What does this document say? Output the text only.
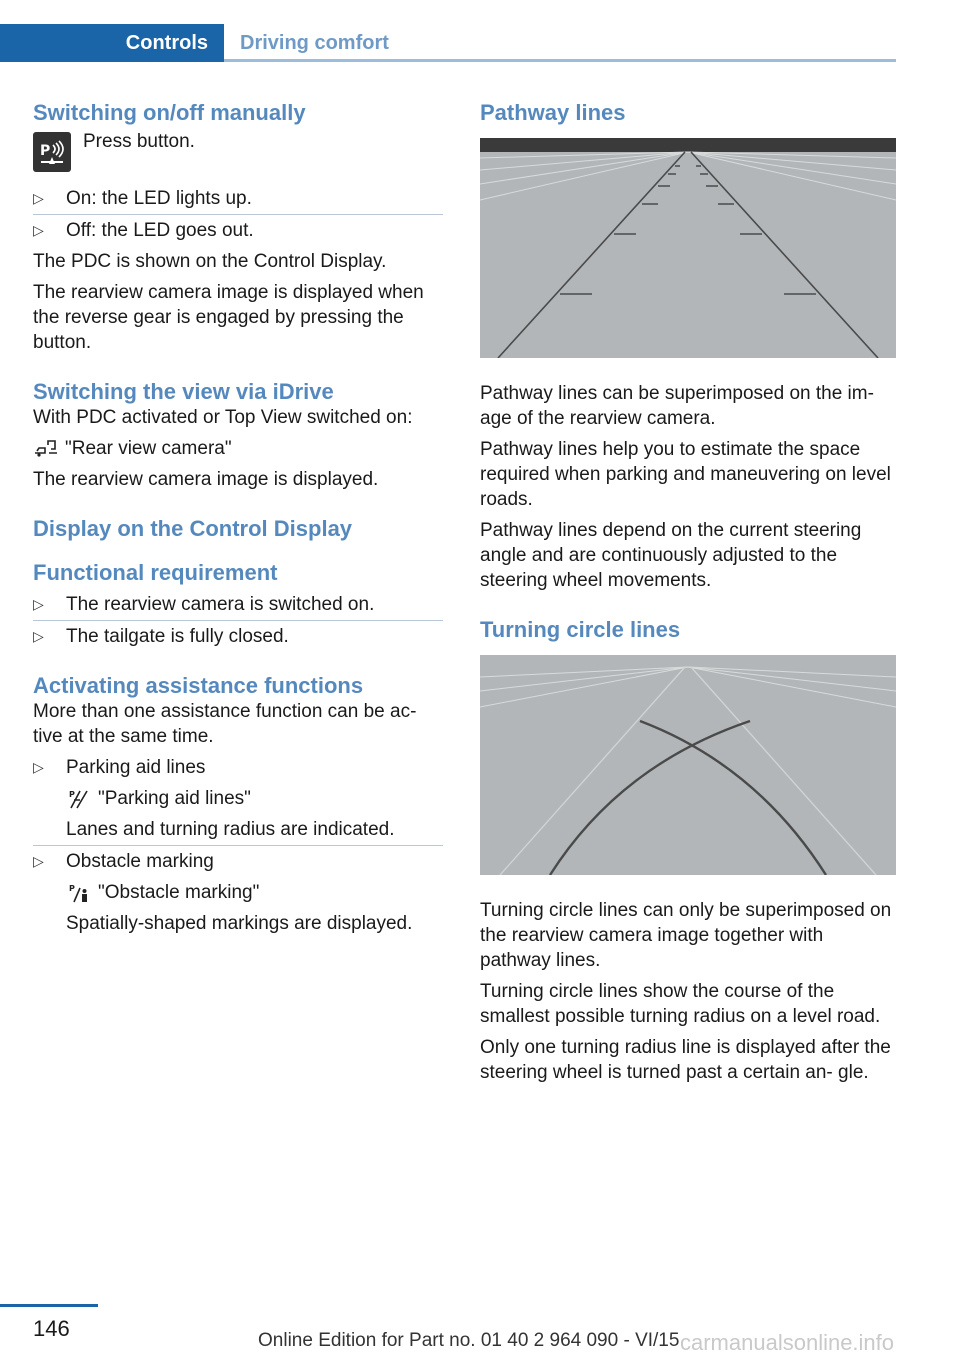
Controls	Driving comfort
Switching on/off manually
P Press button.
▷ On: the LED lights up.
▷ Off: the LED goes out.

The PDC is shown on the Control Display.

The rearview camera image is displayed when the reverse gear is engaged by pressing the button.

Switching the view via iDrive

With PDC activated or Top View switched on:

"Rear view camera"

The rearview camera image is displayed.

Display on the Control Display
Functional requirement
▷ The rearview camera is switched on.
▷ The tailgate is fully closed.
Activating assistance functions

More than one assistance function can be ac‐ tive at the same time.

▷ Parking aid lines
P "Parking aid lines"
Lanes and turning radius are indicated.
▷ Obstacle marking
P "Obstacle marking"
Spatially-shaped markings are displayed.
Pathway lines

Pathway lines can be superimposed on the im‐ age of the rearview camera.

Pathway lines help you to estimate the space required when parking and maneuvering on level roads.

Pathway lines depend on the current steering angle and are continuously adjusted to the steering wheel movements.

Turning circle lines

Turning circle lines can only be superimposed on the rearview camera image together with pathway lines.

Turning circle lines show the course of the smallest possible turning radius on a level road.

Only one turning radius line is displayed after the steering wheel is turned past a certain an‐ gle.

146	Online Edition for Part no. 01 40 2 964 090 - VI/15 carmanualsonline.info
